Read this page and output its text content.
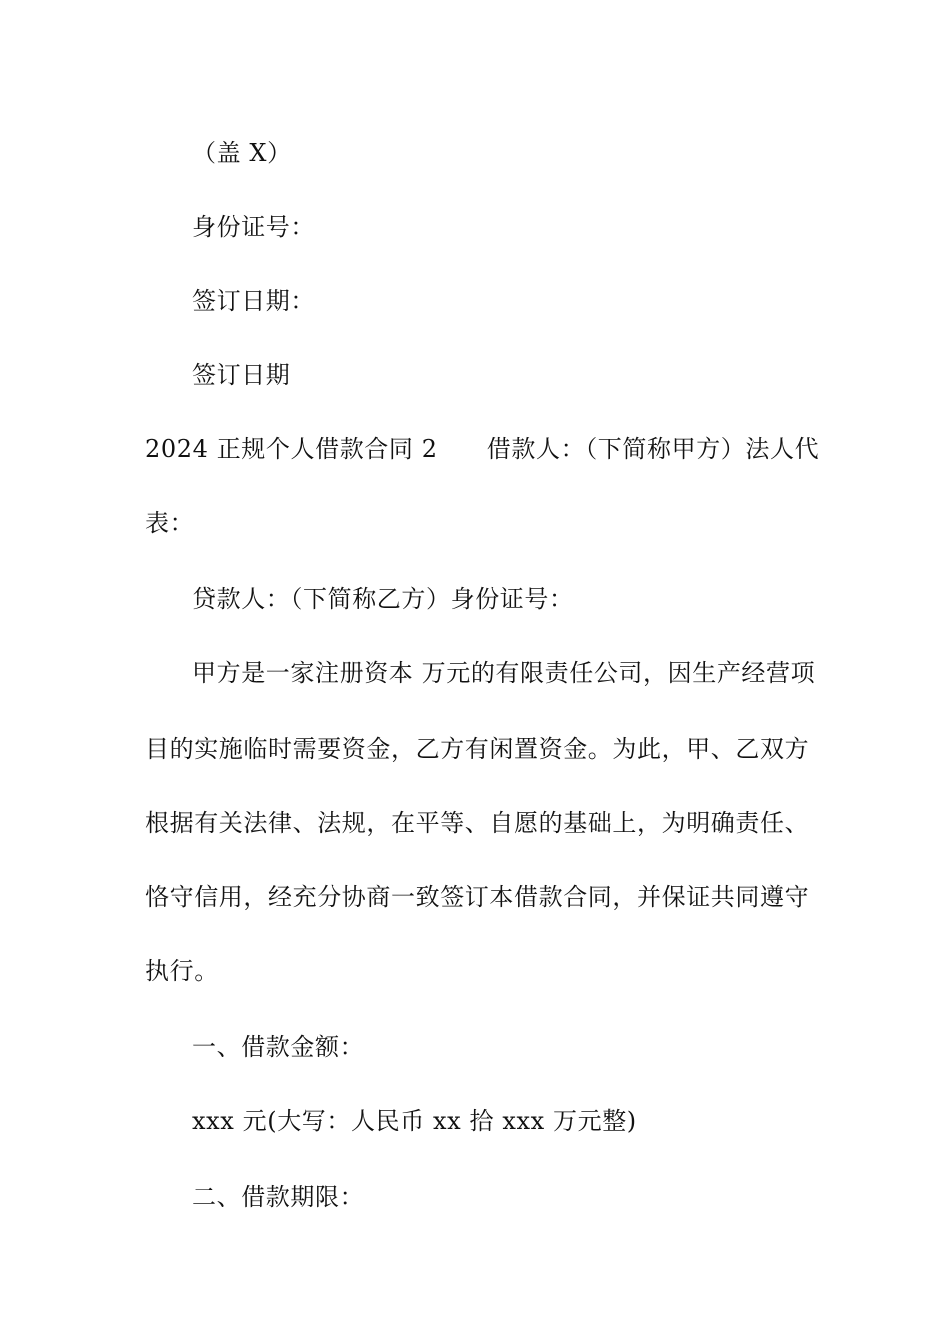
（盖 X）
身份证号：
签订日期：
签订日期
2024 正规个人借款合同 2　　借款人：（下简称甲方）法人代
表：
贷款人：（下简称乙方）身份证号：
甲方是一家注册资本 万元的有限责任公司，因生产经营项
目的实施临时需要资金，乙方有闲置资金。为此，甲、乙双方
根据有关法律、法规，在平等、自愿的基础上，为明确责任、
恪守信用，经充分协商一致签订本借款合同，并保证共同遵守
执行。
一、借款金额：
xxx 元(大写：人民币 xx 拾 xxx 万元整)
二、借款期限：
